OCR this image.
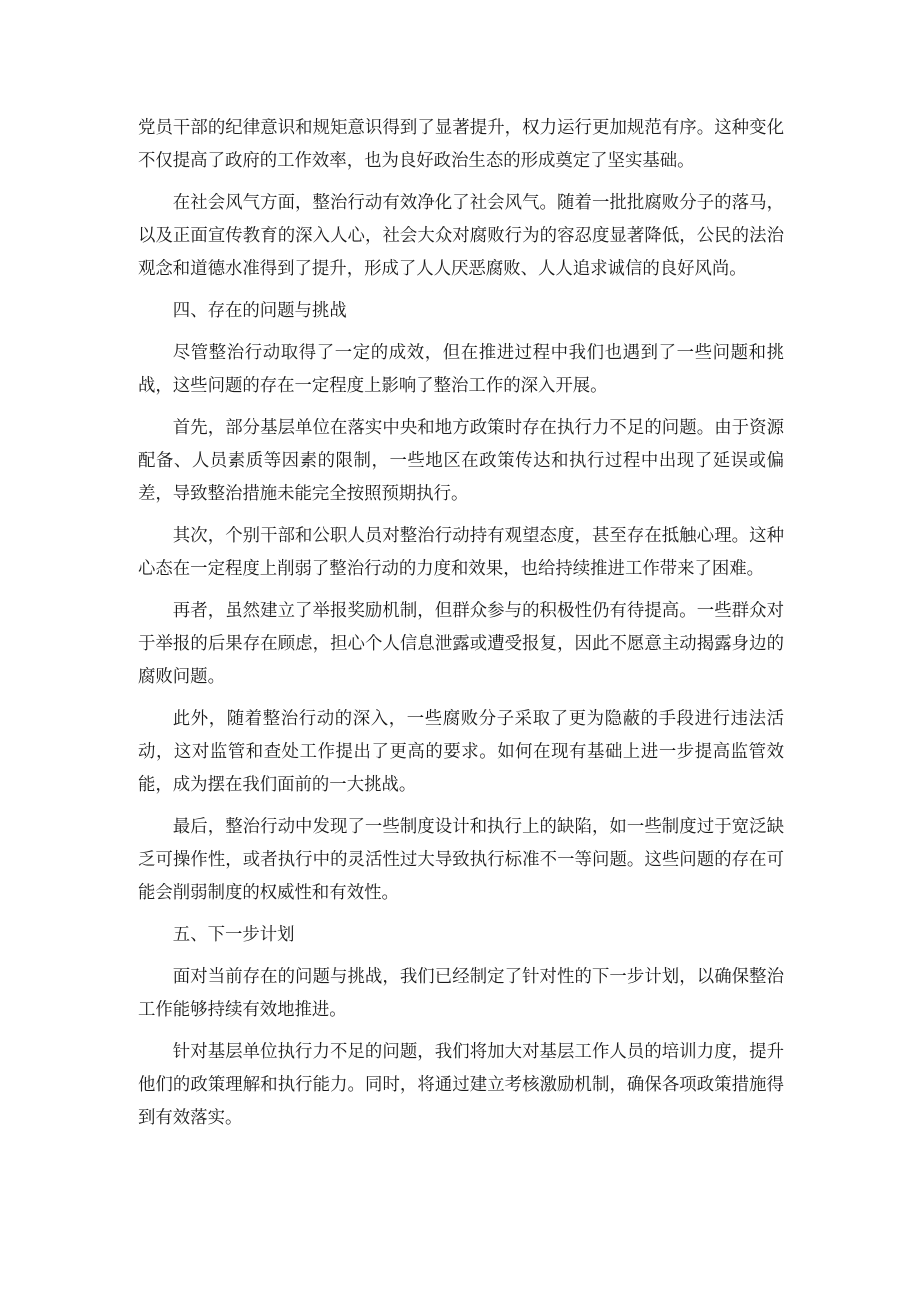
党员干部的纪律意识和规矩意识得到了显著提升，权力运行更加规范有序。这种变化不仅提高了政府的工作效率，也为良好政治生态的形成奠定了坚实基础。

在社会风气方面，整治行动有效净化了社会风气。随着一批批腐败分子的落马，以及正面宣传教育的深入人心，社会大众对腐败行为的容忍度显著降低，公民的法治观念和道德水准得到了提升，形成了人人厌恶腐败、人人追求诚信的良好风尚。

四、存在的问题与挑战

尽管整治行动取得了一定的成效，但在推进过程中我们也遇到了一些问题和挑战，这些问题的存在一定程度上影响了整治工作的深入开展。

首先，部分基层单位在落实中央和地方政策时存在执行力不足的问题。由于资源配备、人员素质等因素的限制，一些地区在政策传达和执行过程中出现了延误或偏差，导致整治措施未能完全按照预期执行。

其次，个别干部和公职人员对整治行动持有观望态度，甚至存在抵触心理。这种心态在一定程度上削弱了整治行动的力度和效果，也给持续推进工作带来了困难。

再者，虽然建立了举报奖励机制，但群众参与的积极性仍有待提高。一些群众对于举报的后果存在顾虑，担心个人信息泄露或遭受报复，因此不愿意主动揭露身边的腐败问题。

此外，随着整治行动的深入，一些腐败分子采取了更为隐蔽的手段进行违法活动，这对监管和查处工作提出了更高的要求。如何在现有基础上进一步提高监管效能，成为摆在我们面前的一大挑战。

最后，整治行动中发现了一些制度设计和执行上的缺陷，如一些制度过于宽泛缺乏可操作性，或者执行中的灵活性过大导致执行标准不一等问题。这些问题的存在可能会削弱制度的权威性和有效性。

五、下一步计划

面对当前存在的问题与挑战，我们已经制定了针对性的下一步计划，以确保整治工作能够持续有效地推进。

针对基层单位执行力不足的问题，我们将加大对基层工作人员的培训力度，提升他们的政策理解和执行能力。同时，将通过建立考核激励机制，确保各项政策措施得到有效落实。
